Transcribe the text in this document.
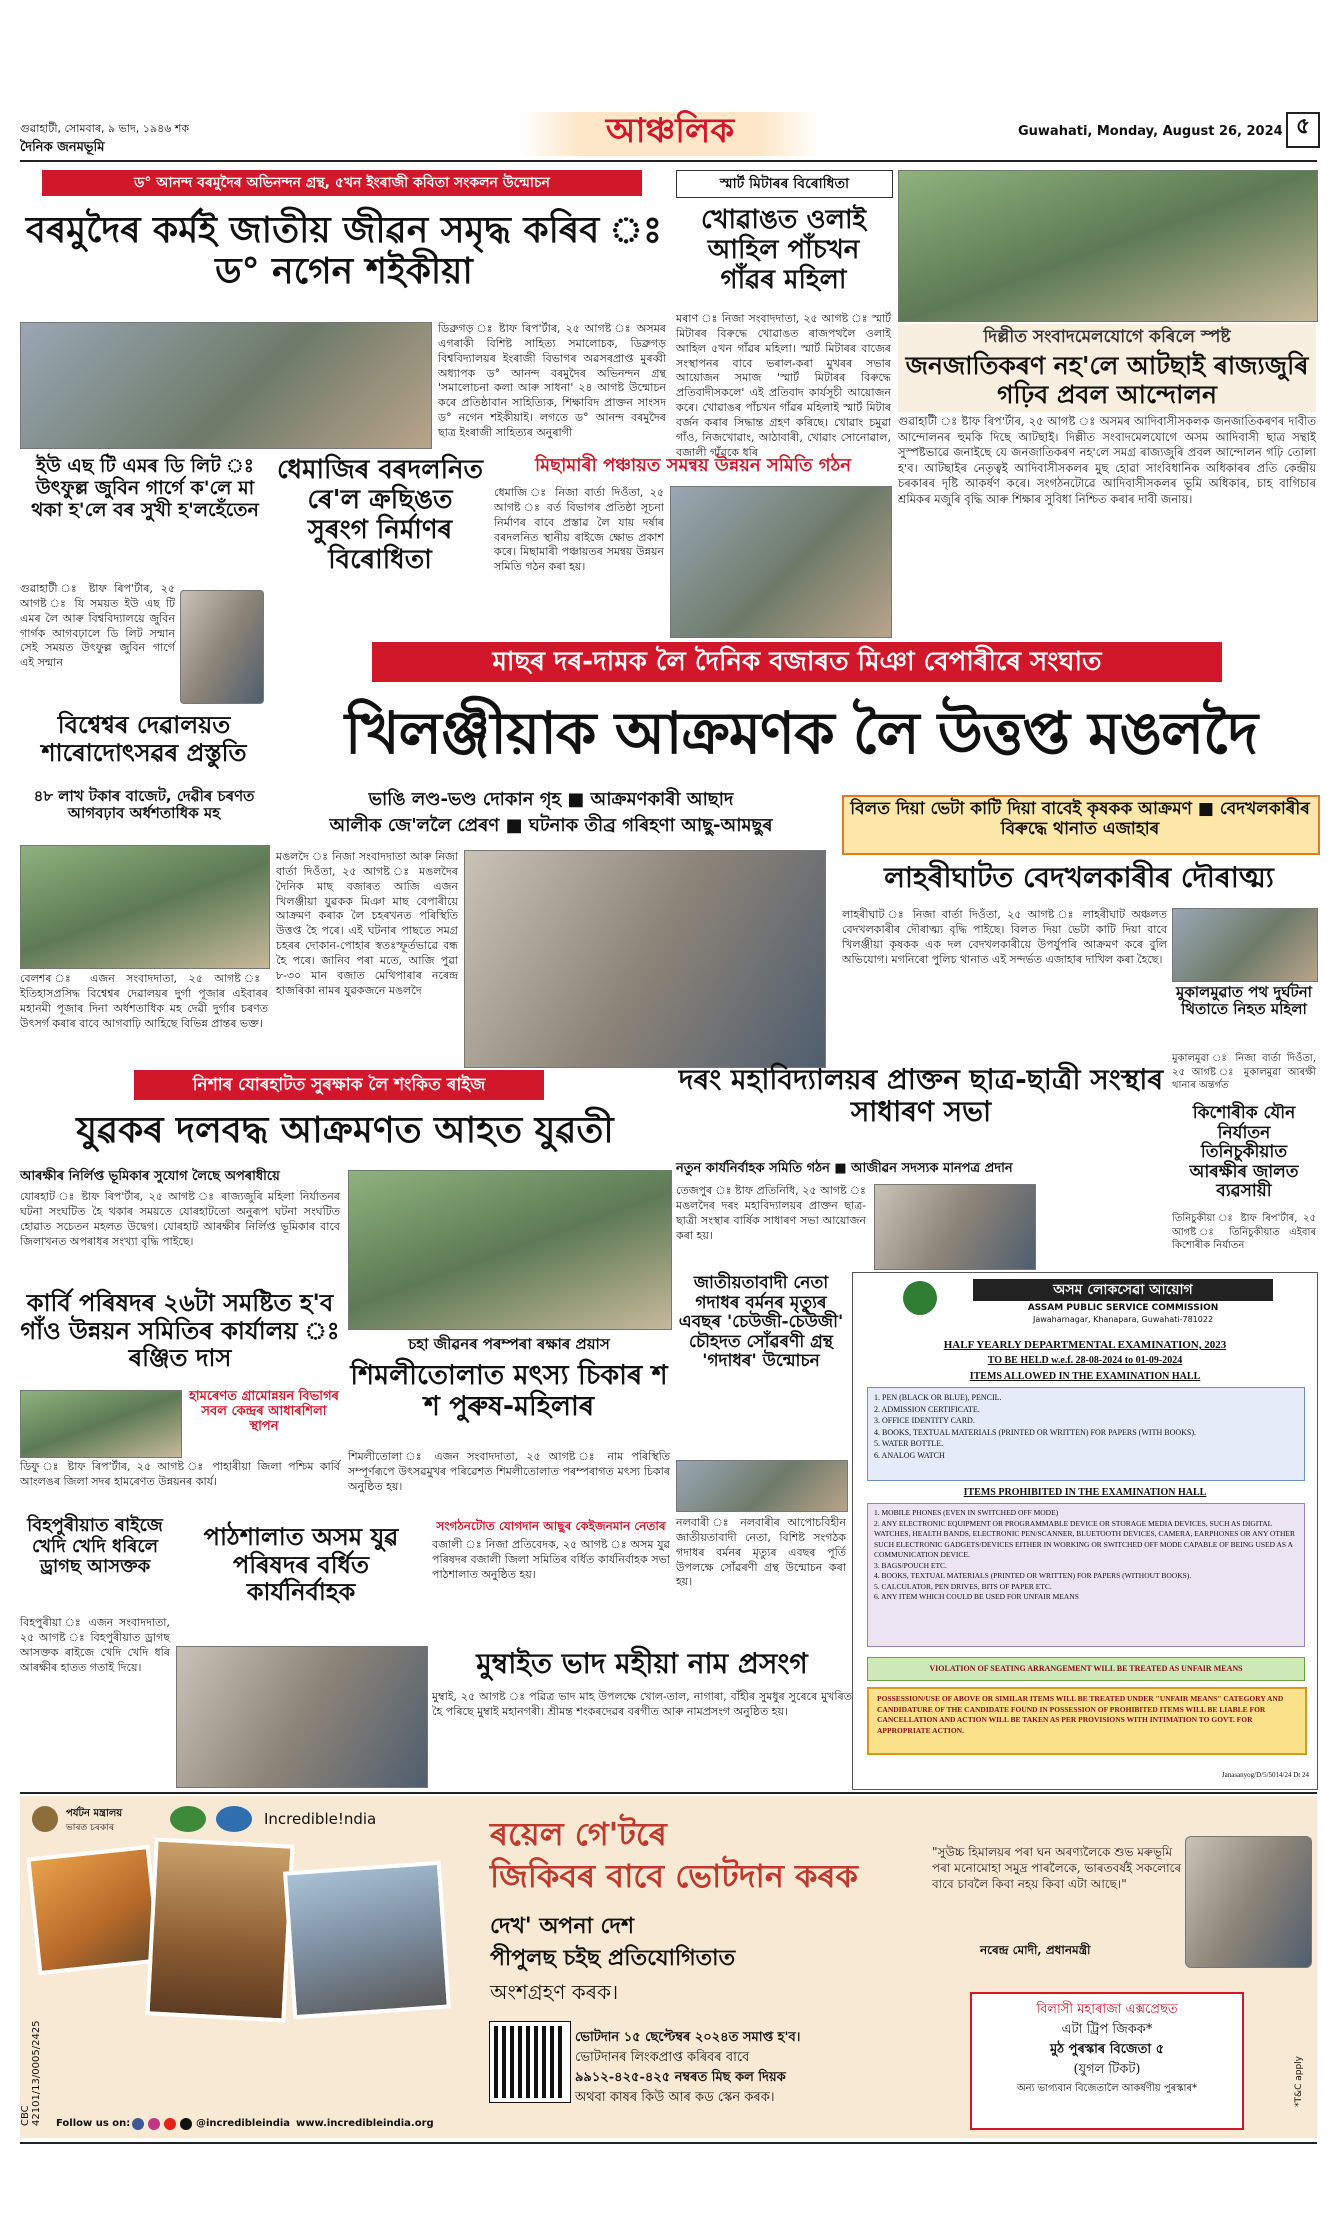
গুৱাহাটী, সোমবাৰ, ৯ ভাদ, ১৯৪৬ শক
দৈনিক জনমভূমি	আঞ্চলিক	Guwahati, Monday, August 26, 2024 ৫
ড° আনন্দ বৰমুদৈৰ অভিনন্দন গ্ৰন্থ, ৫খন ইংৰাজী কবিতা সংকলন উন্মোচন
বৰমুদৈৰ কৰ্মই জাতীয় জীৱন সমৃদ্ধ কৰিব ঃ ড° নগেন শইকীয়া
ডিব্ৰুগড় ঃ ষ্টাফ ৰিপ'ৰ্টাৰ, ২৫ আগষ্ট ঃ অসমৰ এগৰাকী বিশিষ্ট সাহিত্য সমালোচক, ডিব্ৰুগড় বিশ্ববিদ্যালয়ৰ ইংৰাজী বিভাগৰ অৱসৰপ্ৰাপ্ত মুৰব্বী অধ্যাপক ড° আনন্দ বৰমুদৈৰ অভিনন্দন গ্ৰন্থ 'সমালোচনা কলা আৰু সাধনা' ২৪ আগষ্ট উন্মোচন কৰে প্ৰতিষ্ঠাবান সাহিত্যিক, শিক্ষাবিদ প্ৰাক্তন সাংসদ ড° নগেন শইকীয়াই। লগতে ড° আনন্দ বৰমুদৈৰ ছাত্ৰ ইংৰাজী সাহিত্যৰ অনুৰাগী
স্মাৰ্ট মিটাৰৰ বিৰোধিতা
খোৱাঙত ওলাই আহিল পাঁচখন গাঁৱৰ মহিলা
মৰাণ ঃ নিজা সংবাদদাতা, ২৫ আগষ্ট ঃ স্মাৰ্ট মিটাৰৰ বিৰুদ্ধে খোৱাঙত ৰাজপথলৈ ওলাই আহিল ৫খন গাঁৱৰ মহিলা। স্মাৰ্ট মিটাৰৰ বাজেৰ সংস্থাপনৰ বাবে ভৰাল-কৰা মুখৰৰ সভাৰ আয়োজন সমাজ 'স্মাৰ্ট মিটাৰৰ বিৰুদ্ধে প্ৰতিবাদীসকলে' এই প্ৰতিবাদ কাৰ্যসূচী আয়োজন কৰে। খোৱাঙৰ পাঁচখন গাঁৱৰ মহিলাই স্মাৰ্ট মিটাৰ বৰ্জন কৰাৰ সিদ্ধান্ত গ্ৰহণ কৰিছে। খোৱাং চমুৱা গাঁও, নিজখোৱাং, আঠাবাৰী, খোৱাং সোনোৱাল, বজালী গাঁৱকে ধৰি
দিল্লীত সংবাদমেলযোগে কৰিলে স্পষ্ট
জনজাতিকৰণ নহ'লে আটছাই ৰাজ্যজুৰি গঢ়িব প্ৰবল আন্দোলন
গুৱাহাটী ঃ ষ্টাফ ৰিপ'ৰ্টাৰ, ২৫ আগষ্ট ঃ অসমৰ আদিবাসীসকলক জনজাতিকৰণৰ দাবীত আন্দোলনৰ হুমকি দিছে আটছাই। দিল্লীত সংবাদমেলযোগে অসম আদিবাসী ছাত্ৰ সন্থাই সুস্পষ্টভাৱে জনাইছে যে জনজাতিকৰণ নহ'লে সমগ্ৰ ৰাজ্যজুৰি প্ৰবল আন্দোলন গঢ়ি তোলা হ'ব। আটছাইৰ নেতৃত্বই আদিবাসীসকলৰ মুছ হোৱা সাংবিধানিক অধিকাৰৰ প্ৰতি কেন্দ্ৰীয় চৰকাৰৰ দৃষ্টি আকৰ্ষণ কৰে। সংগঠনটোৱে আদিবাসীসকলৰ ভূমি অধিকাৰ, চাহ বাগিচাৰ শ্ৰমিকৰ মজুৰি বৃদ্ধি আৰু শিক্ষাৰ সুবিধা নিশ্চিত কৰাৰ দাবী জনায়।
ইউ এছ টি এমৰ ডি লিট ঃ উৎফুল্ল জুবিন গাৰ্গে ক'লে মা থকা হ'লে বৰ সুখী হ'লহেঁতেন
গুৱাহাটী ঃ ষ্টাফ ৰিপ'ৰ্টাৰ, ২৫ আগষ্ট ঃ যি সময়ত ইউ এছ টি এমৰ লৈ আৰু বিশ্ববিদ্যালয়ে জুবিন গাৰ্গক আগবঢ়ালে ডি লিট সন্মান সেই সময়ত উৎফুল্ল জুবিন গাৰ্গে এই সন্মান
ধেমাজিৰ বৰদলনিত ৰে'ল ক্ৰছিঙত সুৰংগ নিৰ্মাণৰ বিৰোধিতা
মিছামাৰী পঞ্চায়ত সমন্বয় উন্নয়ন সমিতি গঠন
ধেমাজি ঃ নিজা বাৰ্তা দিওঁতা, ২৫ আগষ্ট ঃ বৰ্ত বিভাগৰ প্ৰতিষ্ঠা সূচনা নিৰ্মাণৰ বাবে প্ৰস্তাৱ লৈ যায় দৰ্ষাৰ বৰদলনিত স্থানীয় ৰাইজে ক্ষোভ প্ৰকাশ কৰে। মিছামাৰী পঞ্চায়তৰ সমন্বয় উন্নয়ন সমিতি গঠন কৰা হয়।
মাছৰ দৰ-দামক লৈ দৈনিক বজাৰত মিঞা বেপাৰীৰে সংঘাত
বিশ্বেশ্বৰ দেৱালয়ত শাৰোদোৎসৱৰ প্ৰস্তুতি
৪৮ লাখ টকাৰ বাজেট, দেৱীৰ চৰণত আগবঢ়াব অৰ্ধশতাধিক মহ
বেলশৰ ঃ এজন সংবাদদাতা, ২৫ আগষ্ট ঃ ইতিহাসপ্ৰসিদ্ধ বিশ্বেশ্বৰ দেৱালয়ৰ দুৰ্গা পূজাৰ এইবাৰৰ মহানমী পূজাৰ দিনা অৰ্ধশতাধিক মহ দেৱী দুৰ্গাৰ চৰণত উৎসৰ্গ কৰাৰ বাবে আগবাঢ়ি আহিছে বিভিন্ন প্ৰান্তৰ ভক্ত।
খিলঞ্জীয়াক আক্ৰমণক লৈ উত্তপ্ত মঙলদৈ
ভাঙি লণ্ড-ভণ্ড দোকান গৃহ ■ আক্ৰমণকাৰী আছাদ
আলীক জে'ললৈ প্ৰেৰণ ■ ঘটনাক তীব্ৰ গৰিহণা আছু-আমছুৰ
মঙলদৈ ঃ নিজা সংবাদদাতা আৰু নিজা বাৰ্তা দিওঁতা, ২৫ আগষ্ট ঃ মঙলদৈৰ দৈনিক মাছ বজাৰত আজি এজন খিলঞ্জীয়া যুৱকক মিঞা মাছ বেপাৰীয়ে আক্ৰমণ কৰাক লৈ চহৰখনত পৰিস্থিতি উত্তপ্ত হৈ পৰে। এই ঘটনাৰ পাছতে সমগ্ৰ চহৰৰ দোকান-পোহাৰ স্বতঃস্ফূৰ্তভাৱে বন্ধ হৈ পৰে। জানিব পৰা মতে, আজি পুৱা ৮-৩০ মান বজাত মেথিপাৰাৰ নৰেন্দ্ৰ হাজৰিকা নামৰ যুৱকজনে মঙলদৈ
বিলত দিয়া ভেটা কাটি দিয়া বাবেই কৃষকক আক্ৰমণ ■ বেদখলকাৰীৰ বিৰুদ্ধে থানাত এজাহাৰ
লাহৰীঘাটত বেদখলকাৰীৰ দৌৰাত্ম্য
লাহৰীঘাট ঃ নিজা বাৰ্তা দিওঁতা, ২৫ আগষ্ট ঃ লাহৰীঘাট অঞ্চলত বেদখলকাৰীৰ দৌৰাত্ম্য বৃদ্ধি পাইছে। বিলত দিয়া ভেটা কাটি দিয়া বাবে খিলঞ্জীয়া কৃষকক এক দল বেদখলকাৰীয়ে উপৰ্যুপৰি আক্ৰমণ কৰে বুলি অভিযোগ। মগনিৰো পুলিচ থানাত এই সন্দৰ্ভত এজাহাৰ দাখিল কৰা হৈছে।
মুকালমুৱাত পথ দুৰ্ঘটনা থিতাতে নিহত মহিলা
মুকালমুৱা ঃ নিজা বাৰ্তা দিওঁতা, ২৫ আগষ্ট ঃ মুকালমুৱা আৰক্ষী থানাৰ অন্তৰ্গত
নিশাৰ যোৰহাটত সুৰক্ষাক লৈ শংকিত ৰাইজ
যুৱকৰ দলবদ্ধ আক্ৰমণত আহত যুৱতী
আৰক্ষীৰ নিৰ্লিপ্ত ভূমিকাৰ সুযোগ লৈছে অপৰাধীয়ে
যোৰহাট ঃ ষ্টাফ ৰিপ'ৰ্টাৰ, ২৫ আগষ্ট ঃ ৰাজ্যজুৰি মহিলা নিৰ্যাতনৰ ঘটনা সংঘটিত হৈ থকাৰ সময়তে যোৰহাটতো অনুৰূপ ঘটনা সংঘটিত হোৱাত সচেতন মহলত উদ্বেগ। যোৰহাট আৰক্ষীৰ নিৰ্লিপ্ত ভূমিকাৰ বাবে জিলাখনত অপৰাধৰ সংখ্যা বৃদ্ধি পাইছে।
দৰং মহাবিদ্যালয়ৰ প্ৰাক্তন ছাত্ৰ-ছাত্ৰী সংস্থাৰ সাধাৰণ সভা
নতুন কাৰ্যনিৰ্বাহক সমিতি গঠন ■ আজীৱন সদস্যক মানপত্ৰ প্ৰদান
তেজপুৰ ঃ ষ্টাফ প্ৰতিনিধি, ২৫ আগষ্ট ঃ মঙলদৈৰ দৰং মহাবিদ্যালয়ৰ প্ৰাক্তন ছাত্ৰ-ছাত্ৰী সংস্থাৰ বাৰ্ষিক সাধাৰণ সভা আয়োজন কৰা হয়।
কিশোৰীক যৌন নিৰ্যাতন তিনিচুকীয়াত আৰক্ষীৰ জালত ব্যৱসায়ী
তিনিচুকীয়া ঃ ষ্টাফ ৰিপ'ৰ্টাৰ, ২৫ আগষ্ট ঃ তিনিচুকীয়াত এইবাৰ কিশোৰীক নিৰ্যাতন
কাৰ্বি পৰিষদৰ ২৬টা সমষ্টিত হ'ব গাঁও উন্নয়ন সমিতিৰ কাৰ্যালয় ঃ ৰঞ্জিত দাস
জাতীয়তাবাদী নেতা গদাধৰ বৰ্মনৰ মৃত্যুৰ এবছৰ 'চেউজী-চেউজী' চৌহদত সোঁৱৰণী গ্ৰন্থ 'গদাধৰ' উন্মোচন
নলবাৰী ঃ নলবাৰীৰ আপোচবিহীন জাতীয়তাবাদী নেতা, বিশিষ্ট সংগঠক গদাধৰ বৰ্মনৰ মৃত্যুৰ এবছৰ পূৰ্তি উপলক্ষে সোঁৱৰণী গ্ৰন্থ উন্মোচন কৰা হয়।
চহা জীৱনৰ পৰম্পৰা ৰক্ষাৰ প্ৰয়াস
শিমলীতোলাত মৎস্য চিকাৰ শ শ পুৰুষ-মহিলাৰ
শিমলীতোলা ঃ এজন সংবাদদাতা, ২৫ আগষ্ট ঃ নাম পৰিস্থিতি সম্পূৰ্ণৰূপে উৎসৱমুখৰ পৰিৱেশত শিমলীতোলাত পৰম্পৰাগত মৎস্য চিকাৰ অনুষ্ঠিত হয়।
হামৰেণত গ্ৰামোন্নয়ন বিভাগৰ সবল কেন্দ্ৰৰ আধাৰশিলা স্থাপন
ডিফু ঃ ষ্টাফ ৰিপ'ৰ্টাৰ, ২৫ আগষ্ট ঃ পাহাৰীয়া জিলা পশ্চিম কাৰ্বি আংলঙৰ জিলা সদৰ হামৰেণত উন্নয়নৰ কাৰ্য।
বিহপুৰীয়াত ৰাইজে খেদি খেদি ধৰিলে ড্ৰাগছ আসক্তক
বিহপুৰীয়া ঃ এজন সংবাদদাতা, ২৫ আগষ্ট ঃ বিহপুৰীয়াত ড্ৰাগছ আসক্তক ৰাইজে খেদি খেদি ধৰি আৰক্ষীৰ হাতত গতাই দিয়ে।
পাঠশালাত অসম যুৱ পৰিষদৰ বৰ্ধিত কাৰ্যনিৰ্বাহক
সংগঠনটোত যোগদান আছুৰ কেইজনমান নেতাৰ
বজালী ঃ নিজা প্ৰতিবেদক, ২৫ আগষ্ট ঃ অসম যুৱ পৰিষদৰ বজালী জিলা সমিতিৰ বৰ্ধিত কাৰ্যনিৰ্বাহক সভা পাঠশালাত অনুষ্ঠিত হয়।
মুম্বাইত ভাদ মহীয়া নাম প্ৰসংগ
মুম্বাই, ২৫ আগষ্ট ঃ পৱিত্ৰ ভাদ মাহ উপলক্ষে খোল-তাল, নাগাৰা, বাঁহীৰ সুমধুৰ সুৰেৰে মুখৰিত হৈ পৰিছে মুম্বাই মহানগৰী। শ্ৰীমন্ত শংকৰদেৱৰ বৰগীত আৰু নামপ্ৰসংগ অনুষ্ঠিত হয়।
অসম লোকসেৱা আয়োগ
ASSAM PUBLIC SERVICE COMMISSION
Jawaharnagar, Khanapara, Guwahati-781022
HALF YEARLY DEPARTMENTAL EXAMINATION, 2023
TO BE HELD w.e.f. 28-08-2024 to 01-09-2024
ITEMS ALLOWED IN THE EXAMINATION HALL
1. PEN (BLACK OR BLUE), PENCIL.
2. ADMISSION CERTIFICATE.
3. OFFICE IDENTITY CARD.
4. BOOKS, TEXTUAL MATERIALS (PRINTED OR WRITTEN) FOR PAPERS (WITH BOOKS).
5. WATER BOTTLE.
6. ANALOG WATCH
ITEMS PROHIBITED IN THE EXAMINATION HALL
1. MOBILE PHONES (EVEN IN SWITCHED OFF MODE)
2. ANY ELECTRONIC EQUIPMENT OR PROGRAMMABLE DEVICE OR STORAGE MEDIA DEVICES, SUCH AS DIGITAL WATCHES, HEALTH BANDS, ELECTRONIC PEN/SCANNER, BLUETOOTH DEVICES, CAMERA, EARPHONES OR ANY OTHER SUCH ELECTRONIC GADGETS/DEVICES EITHER IN WORKING OR SWITCHED OFF MODE CAPABLE OF BEING USED AS A COMMUNICATION DEVICE.
3. BAGS/POUCH ETC.
4. BOOKS, TEXTUAL MATERIALS (PRINTED OR WRITTEN) FOR PAPERS (WITHOUT BOOKS).
5. CALCULATOR, PEN DRIVES, BITS OF PAPER ETC.
6. ANY ITEM WHICH COULD BE USED FOR UNFAIR MEANS
VIOLATION OF SEATING ARRANGEMENT WILL BE TREATED AS UNFAIR MEANS
POSSESSION/USE OF ABOVE OR SIMILAR ITEMS WILL BE TREATED UNDER "UNFAIR MEANS" CATEGORY AND CANDIDATURE OF THE CANDIDATE FOUND IN POSSESSION OF PROHIBITED ITEMS WILL BE LIABLE FOR CANCELLATION AND ACTION WILL BE TAKEN AS PER PROVISIONS WITH INTIMATION TO GOVT. FOR APPROPRIATE ACTION.
Janasanyog/D/5/5014/24 Dt 24
পৰ্যটন মন্ত্ৰালয়
ভাৰত চৰকাৰ	Incredible!ndia
CBC 42101/13/0005/2425 Follow us on:	@incredibleindia www.incredibleindia.org
ৰয়েল গে'টৰে
জিকিবৰ বাবে ভোটদান কৰক
দেখ' অপনা দেশ
পীপুলছ চইছ প্ৰতিযোগিতাত
অংশগ্ৰহণ কৰক।
ভোটদান ১৫ ছেপ্টেম্বৰ ২০২৪ত সমাপ্ত হ'ব।
ভোটদানৰ লিংকপ্ৰাপ্ত কৰিবৰ বাবে
৯৯১২-৪২৫-৪২৫ নম্বৰত মিছ কল দিয়ক
অথবা কাষৰ কিউ আৰ কড স্কেন কৰক।
"সুউচ্চ হিমালয়ৰ পৰা ঘন অৰণ্যলৈকে শুভ মৰুভূমি পৰা মনোমোহা সমুদ্ৰ পাৰলৈকে, ভাৰতবৰ্ষই সকলোৰে বাবে চাবলৈ কিবা নহয় কিবা এটা আছে।"
নৰেন্দ্ৰ মোদী, প্ৰধানমন্ত্ৰী
বিলাসী মহাৰাজা এক্সপ্ৰেছত
এটা ট্ৰিপ জিকক*
মুঠ পুৰস্কাৰ বিজেতা ৫
(যুগল টিকট)
অন্য ভাগ্যবান বিজেতালৈ আকৰ্ষণীয় পুৰস্কাৰ*	*T&C apply
